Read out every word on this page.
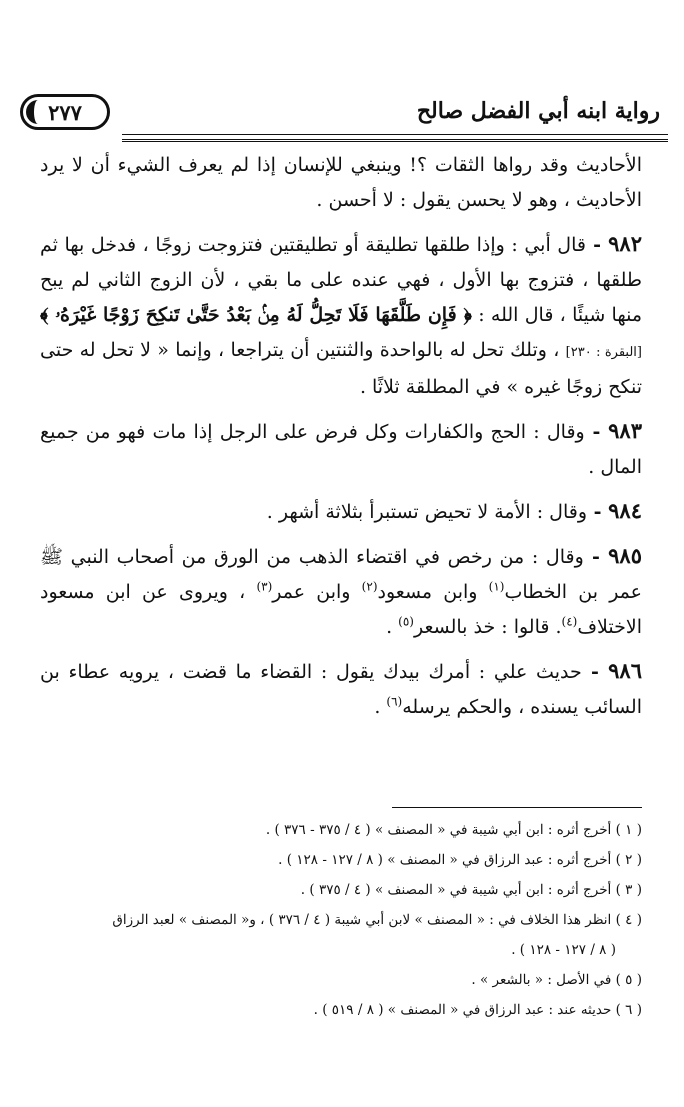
٢٧٧	رواية ابنه أبي الفضل صالح

الأحاديث وقد رواها الثقات ؟! وينبغي للإنسان إذا لم يعرف الشيء أن لا يرد الأحاديث ، وهو لا يحسن يقول : لا أحسن .

٩٨٢ - قال أبي : وإذا طلقها تطليقة أو تطليقتين فتزوجت زوجًا ، فدخل بها ثم طلقها ، فتزوج بها الأول ، فهي عنده على ما بقي ، لأن الزوج الثاني لم يبح منها شيئًا ، قال الله : ﴿ فَإِن طَلَّقَهَا فَلَا تَحِلُّ لَهُ مِنۢ بَعْدُ حَتَّىٰ تَنكِحَ زَوْجًا غَيْرَهُۥ ﴾ [البقرة : ٢٣٠] ، وتلك تحل له بالواحدة والثنتين أن يتراجعا ، وإنما « لا تحل له حتى تنكح زوجًا غيره » في المطلقة ثلاثًا .

٩٨٣ - وقال : الحج والكفارات وكل فرض على الرجل إذا مات فهو من جميع المال .

٩٨٤ - وقال : الأمة لا تحيض تستبرأ بثلاثة أشهر .

٩٨٥ - وقال : من رخص في اقتضاء الذهب من الورق من أصحاب النبي ﷺ عمر بن الخطاب$^{(١)}$ وابن مسعود$^{(٢)}$ وابن عمر$^{(٣)}$ ، ويروى عن ابن مسعود الاختلاف$^{(٤)}$. قالوا : خذ بالسعر$^{(٥)}$ .

٩٨٦ - حديث علي : أمرك بيدك يقول : القضاء ما قضت ، يرويه عطاء بن السائب يسنده ، والحكم يرسله$^{(٦)}$ .

( ١ ) أخرج أثره : ابن أبي شيبة في « المصنف » ( ٤ / ٣٧٥ - ٣٧٦ ) .

( ٢ ) أخرج أثره : عبد الرزاق في « المصنف » ( ٨ / ١٢٧ - ١٢٨ ) .

( ٣ ) أخرج أثره : ابن أبي شيبة في « المصنف » ( ٤ / ٣٧٥ ) .

( ٤ ) انظر هذا الخلاف في : « المصنف » لابن أبي شيبة ( ٤ / ٣٧٦ ) ، و« المصنف » لعبد الرزاق

( ٨ / ١٢٧ - ١٢٨ ) .

( ٥ ) في الأصل : « بالشعر » .

( ٦ ) حديثه عند : عبد الرزاق في « المصنف » ( ٨ / ٥١٩ ) .
